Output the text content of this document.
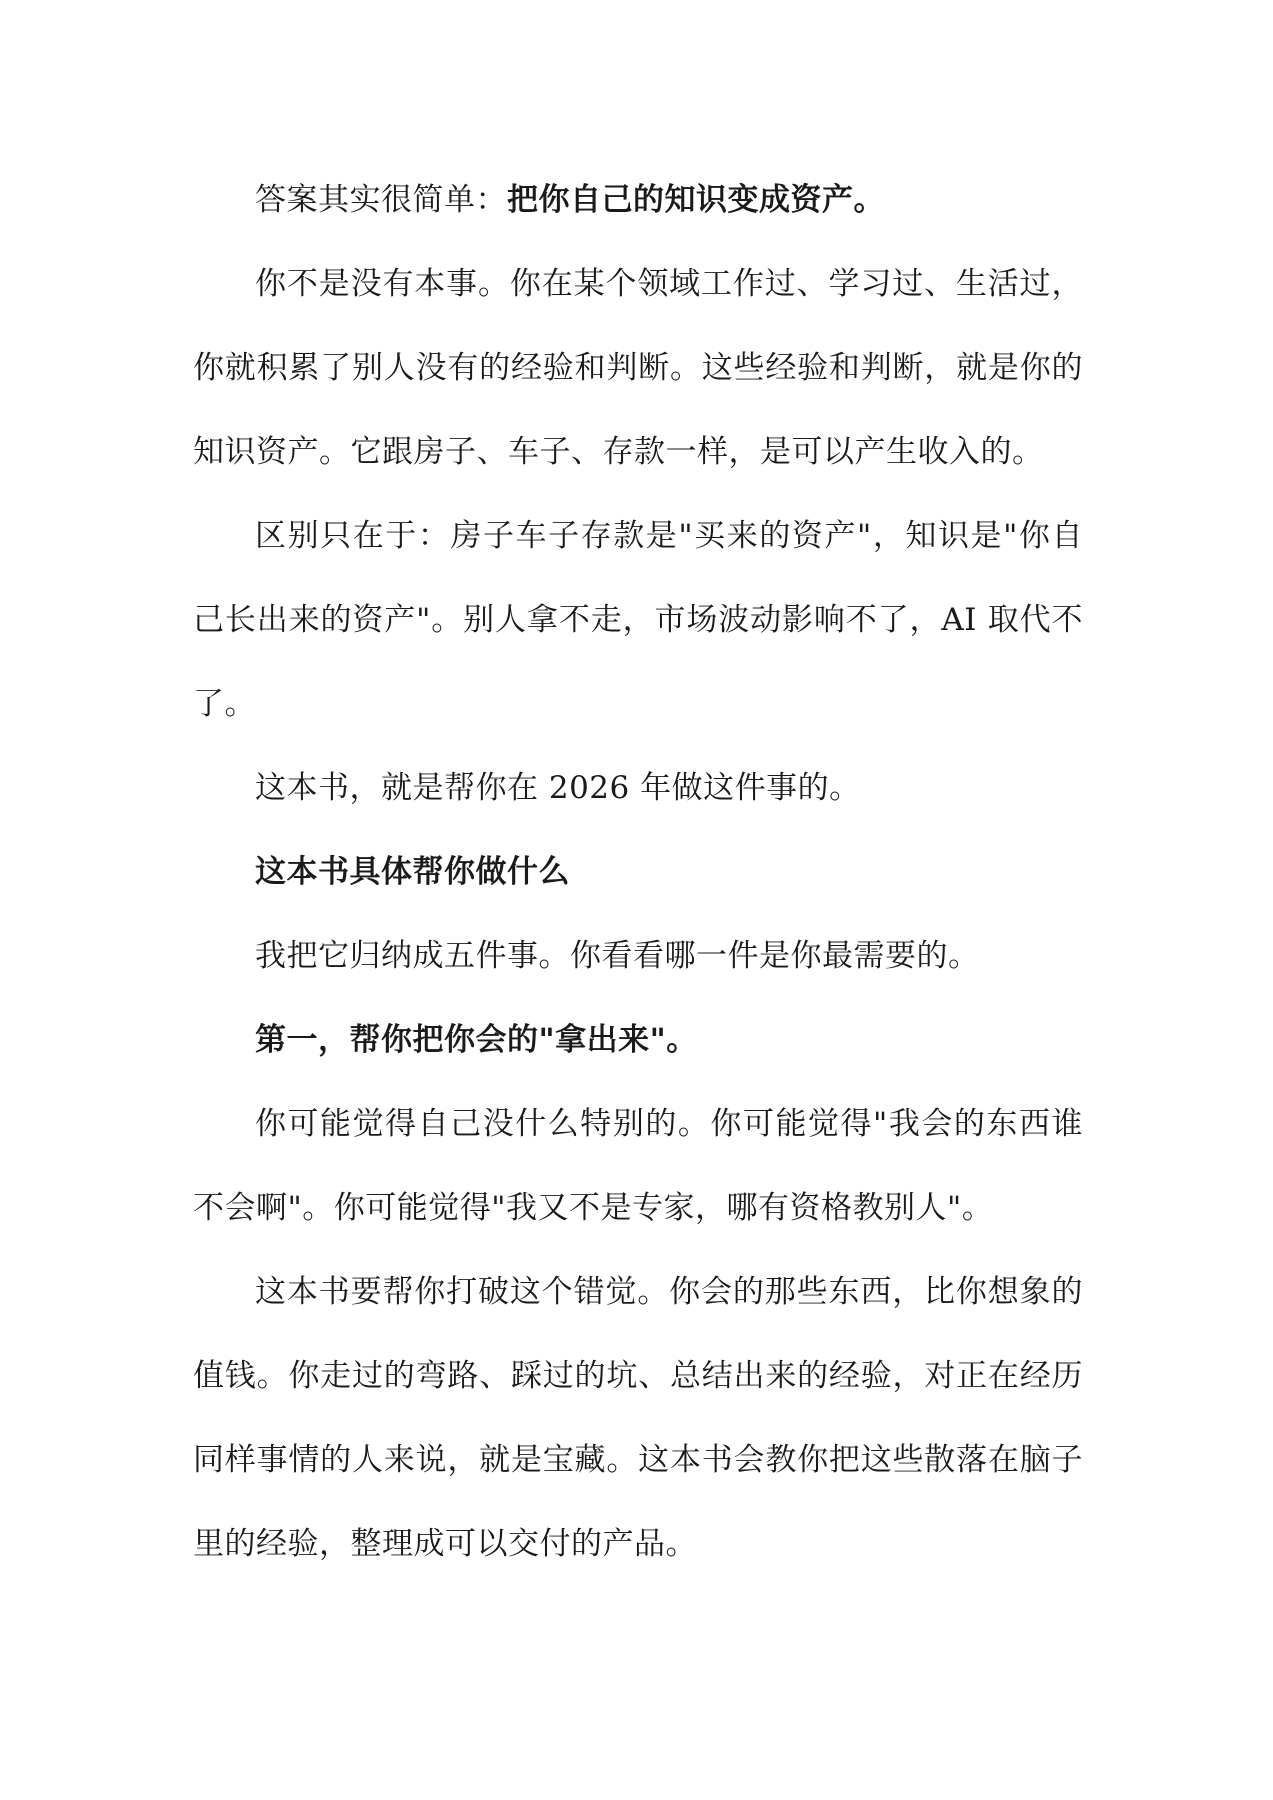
答案其实很简单：把你自己的知识变成资产。

你不是没有本事。你在某个领域工作过、学习过、生活过，你就积累了别人没有的经验和判断。这些经验和判断，就是你的知识资产。它跟房子、车子、存款一样，是可以产生收入的。

区别只在于：房子车子存款是"买来的资产"，知识是"你自己长出来的资产"。别人拿不走，市场波动影响不了，AI 取代不了。

这本书，就是帮你在 2026 年做这件事的。

这本书具体帮你做什么

我把它归纳成五件事。你看看哪一件是你最需要的。

第一，帮你把你会的"拿出来"。

你可能觉得自己没什么特别的。你可能觉得"我会的东西谁不会啊"。你可能觉得"我又不是专家，哪有资格教别人"。

这本书要帮你打破这个错觉。你会的那些东西，比你想象的值钱。你走过的弯路、踩过的坑、总结出来的经验，对正在经历同样事情的人来说，就是宝藏。这本书会教你把这些散落在脑子里的经验，整理成可以交付的产品。
